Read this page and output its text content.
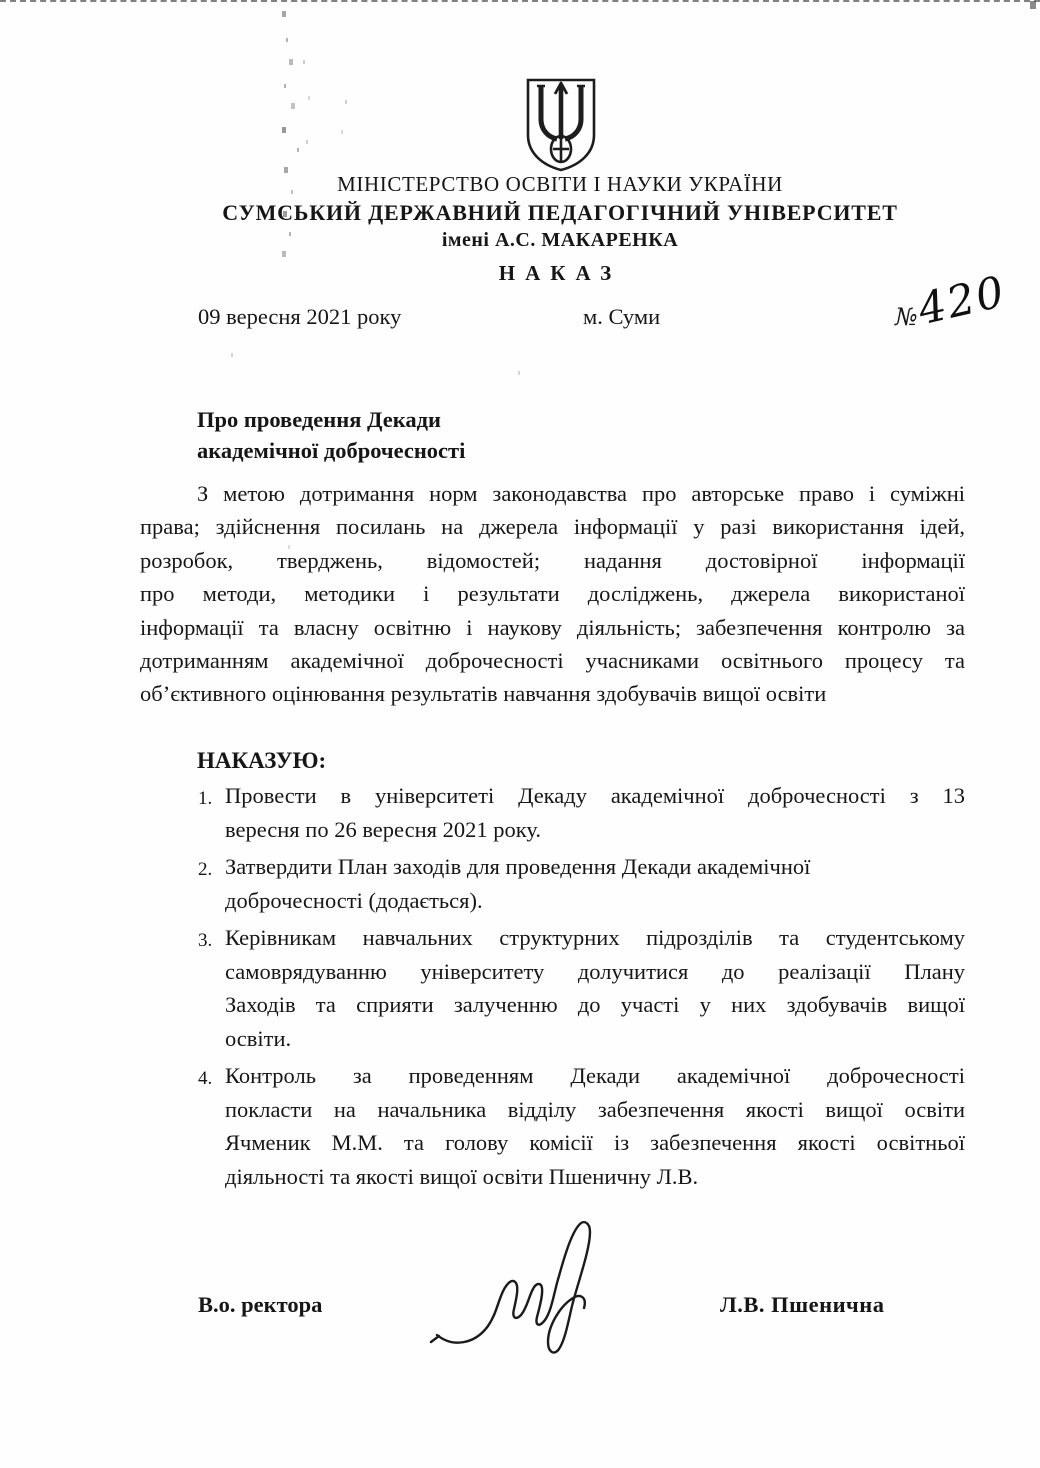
МІНІСТЕРСТВО ОСВІТИ І НАУКИ УКРАЇНИ
СУМСЬКИЙ ДЕРЖАВНИЙ ПЕДАГОГІЧНИЙ УНІВЕРСИТЕТ
імені А.С. МАКАРЕНКА
НАКАЗ
09 вересня 2021 року	м. Суми	№
420
Про проведення Декади
академічної доброчесності
З метою дотримання норм законодавства про авторське право і суміжні
права; здійснення посилань на джерела інформації у разі використання ідей,
розробок, тверджень, відомостей; надання достовірної інформації
про методи, методики і результати досліджень, джерела використаної
інформації та власну освітню і наукову діяльність; забезпечення контролю за
дотриманням академічної доброчесності учасниками освітнього процесу та
об’єктивного оцінювання результатів навчання здобувачів вищої освіти
НАКАЗУЮ:
1. Провести в університеті Декаду академічної доброчесності з 13
вересня по 26 вересня 2021 року.
2. Затвердити План заходів для проведення Декади академічної
доброчесності (додається).
3. Керівникам навчальних структурних підрозділів та студентському
самоврядуванню університету долучитися до реалізації Плану
Заходів та сприяти залученню до участі у них здобувачів вищої
освіти.
4. Контроль за проведенням Декади академічної доброчесності
покласти на начальника відділу забезпечення якості вищої освіти
Ячменик М.М. та голову комісії із забезпечення якості освітньої
діяльності та якості вищої освіти Пшеничну Л.В.
В.о. ректора	Л.В. Пшенична
